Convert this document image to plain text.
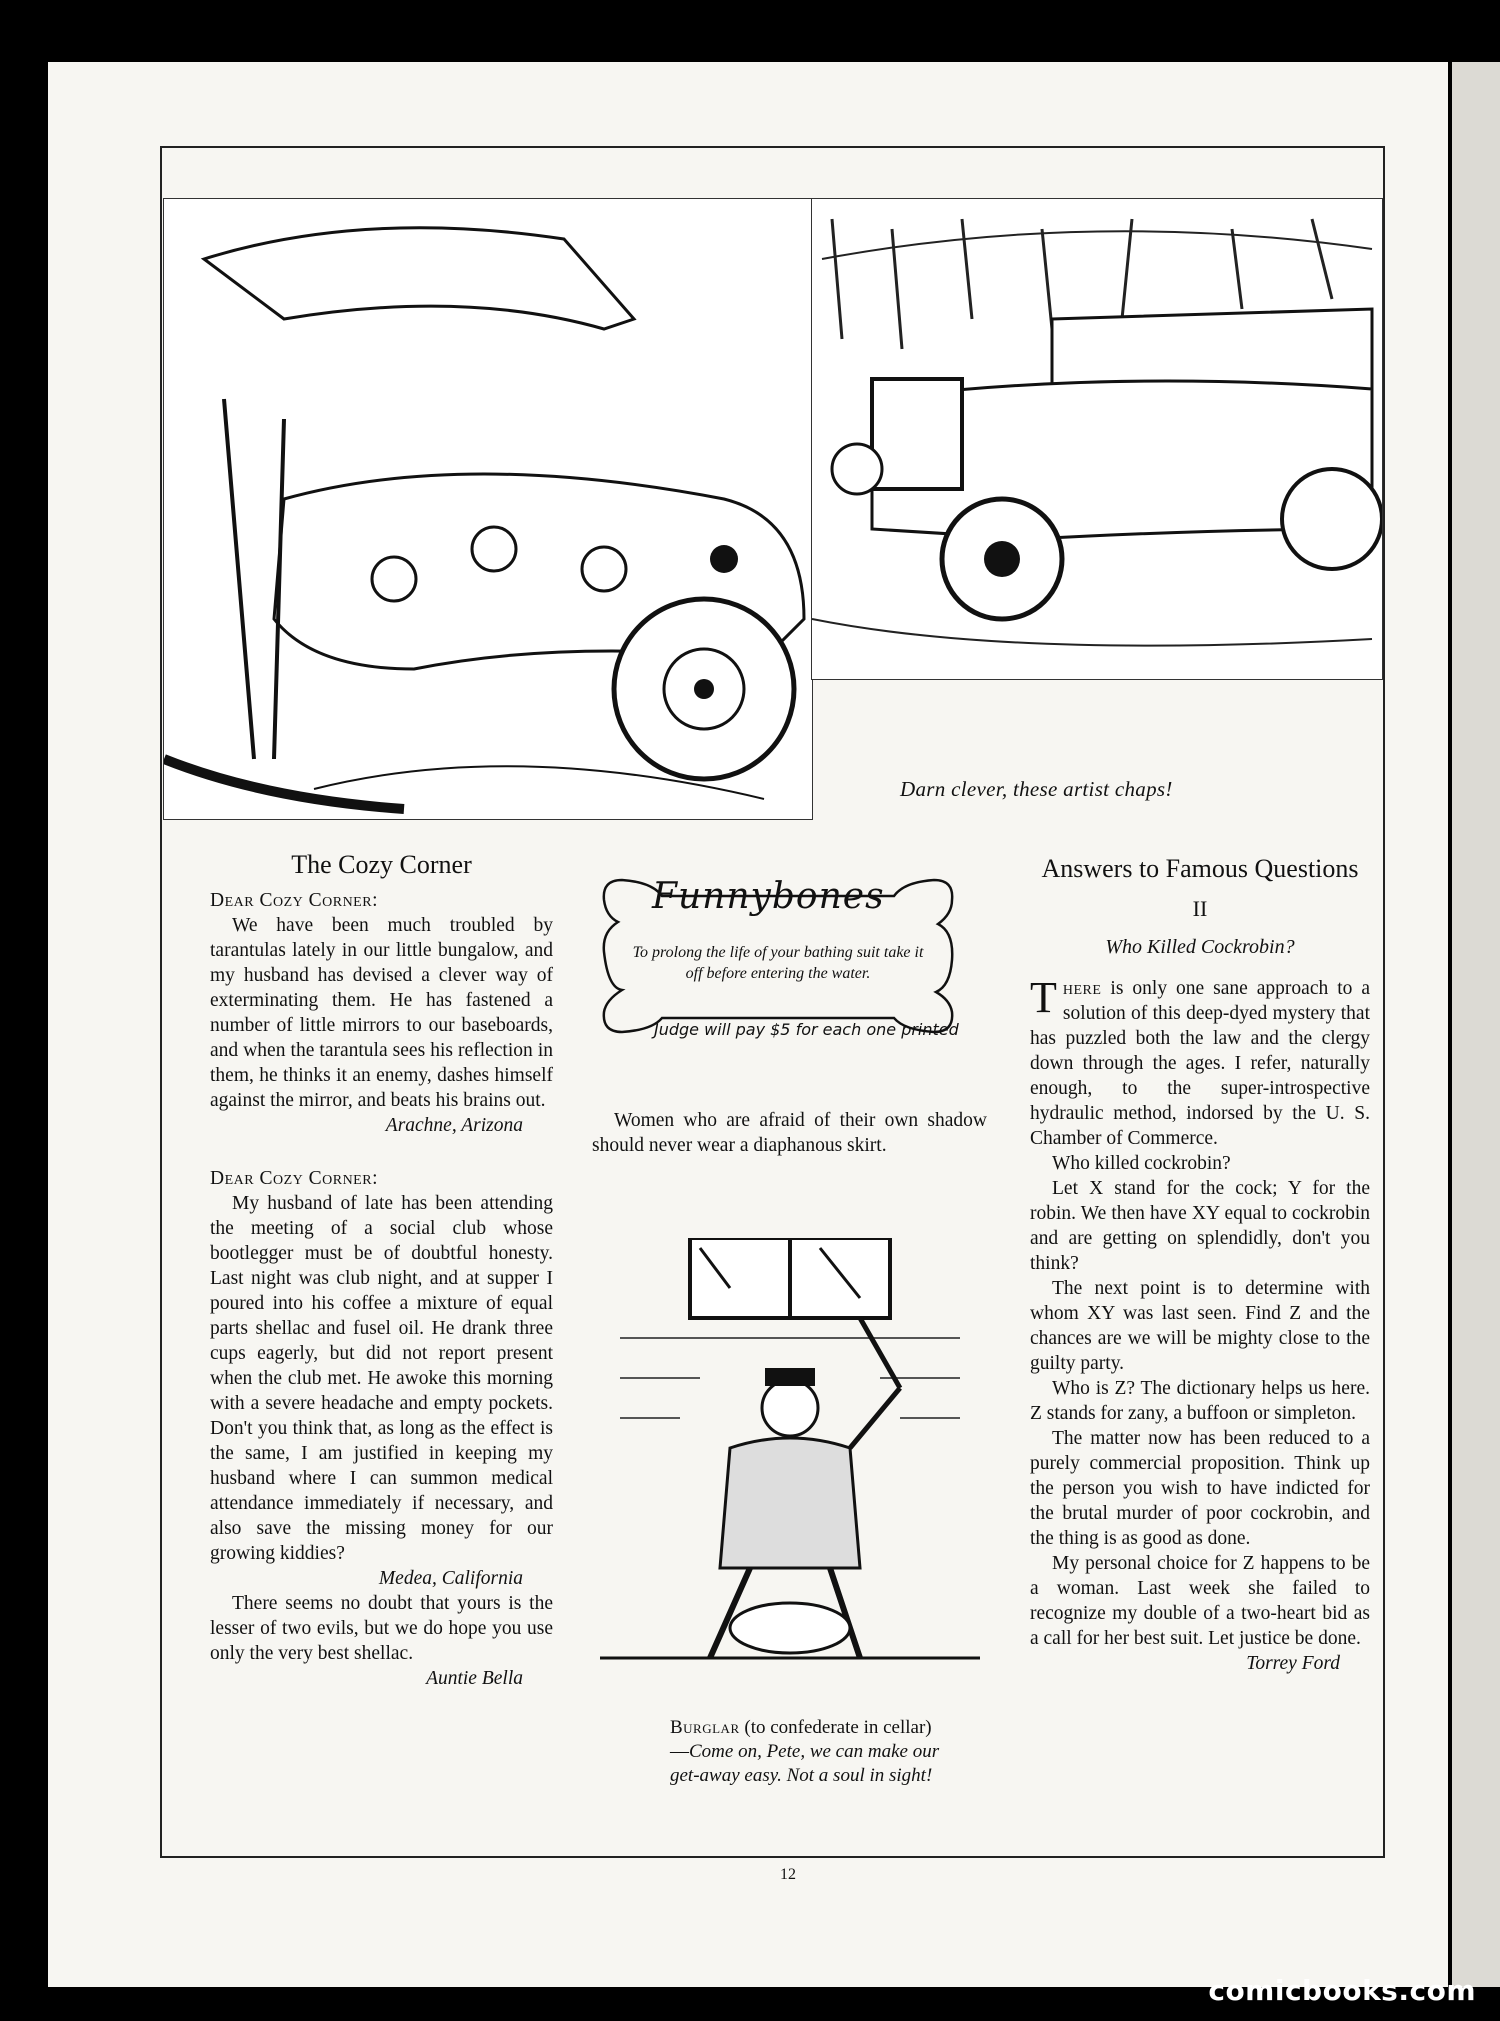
Darn clever, these artist chaps!
The Cozy Corner

Dear Cozy Corner:

We have been much troubled by tarantulas lately in our little bungalow, and my husband has devised a clever way of exterminating them. He has fastened a number of little mirrors to our baseboards, and when the tarantula sees his reflection in them, he thinks it an enemy, dashes himself against the mirror, and beats his brains out.

Arachne, Arizona

Dear Cozy Corner:

My husband of late has been attending the meeting of a social club whose bootlegger must be of doubtful honesty. Last night was club night, and at supper I poured into his coffee a mixture of equal parts shellac and fusel oil. He drank three cups eagerly, but did not report present when the club met. He awoke this morning with a severe headache and empty pockets. Don't you think that, as long as the effect is the same, I am justified in keeping my husband where I can summon medical attendance immediately if necessary, and also save the missing money for our growing kiddies?

Medea, California

There seems no doubt that yours is the lesser of two evils, but we do hope you use only the very best shellac.

Auntie Bella

Funnybones
To prolong the life of your bathing suit take it off before entering the water.
Judge will pay $5 for each one printed
Women who are afraid of their own shadow should never wear a diaphanous skirt.
Burglar (to confederate in cellar)—Come on, Pete, we can make our get-away easy. Not a soul in sight!
Answers to Famous Questions
II
Who Killed Cockrobin?

There is only one sane approach to a solution of this deep-dyed mystery that has puzzled both the law and the clergy down through the ages. I refer, naturally enough, to the super-introspective hydraulic method, indorsed by the U. S. Chamber of Commerce.

Who killed cockrobin?

Let X stand for the cock; Y for the robin. We then have XY equal to cockrobin and are getting on splendidly, don't you think?

The next point is to determine with whom XY was last seen. Find Z and the chances are we will be mighty close to the guilty party.

Who is Z? The dictionary helps us here. Z stands for zany, a buffoon or simpleton.

The matter now has been reduced to a purely commercial proposition. Think up the person you wish to have indicted for the brutal murder of poor cockrobin, and the thing is as good as done.

My personal choice for Z happens to be a woman. Last week she failed to recognize my double of a two-heart bid as a call for her best suit. Let justice be done.

Torrey Ford

12
comicbooks.com
